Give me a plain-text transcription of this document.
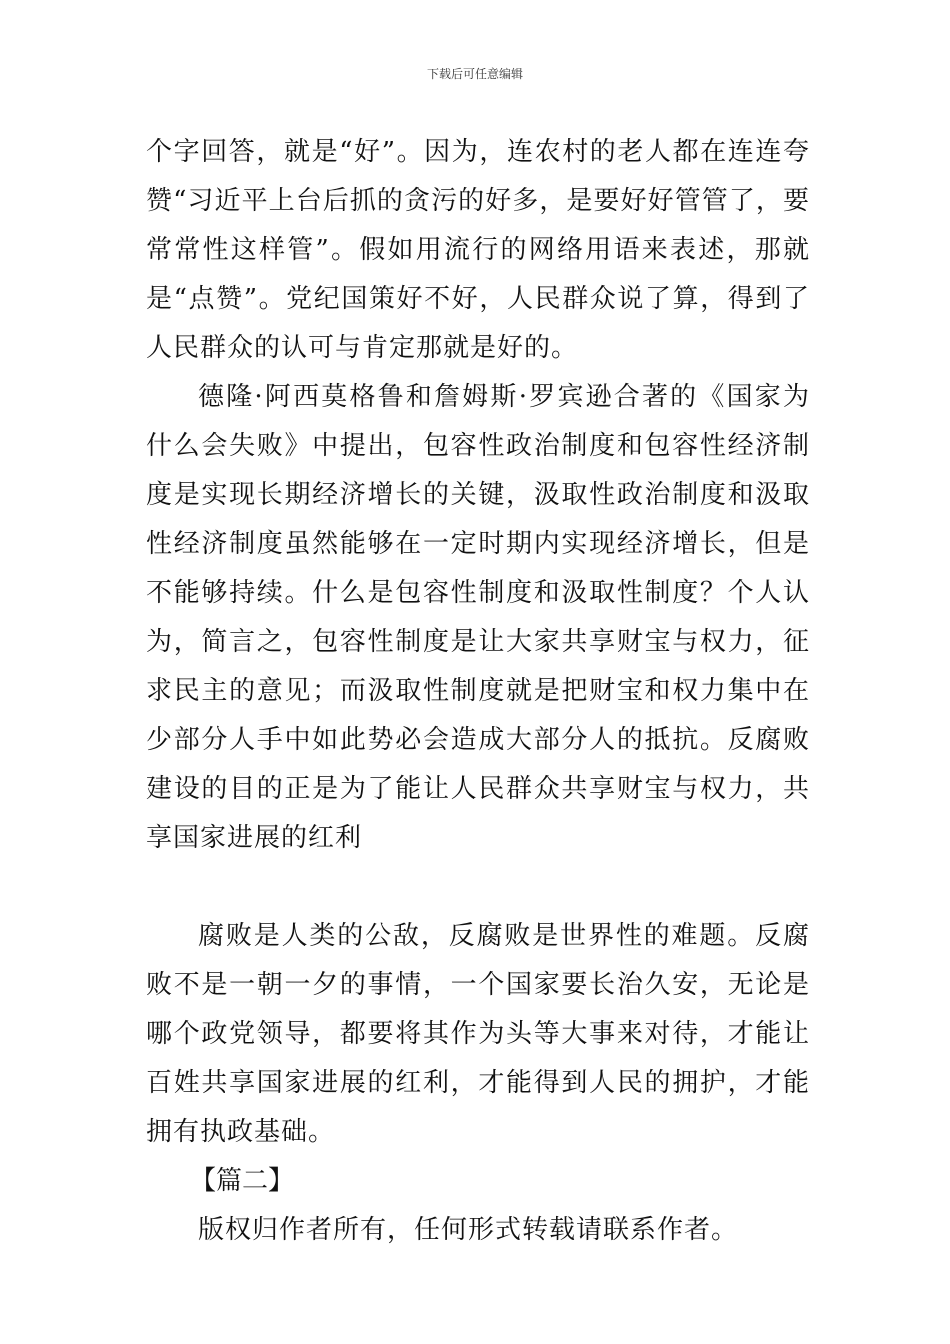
下载后可任意编辑

个字回答，就是“好”。因为，连农村的老人都在连连夸赞“习近平上台后抓的贪污的好多，是要好好管管了，要常常性这样管”。假如用流行的网络用语来表述，那就是“点赞”。党纪国策好不好，人民群众说了算，得到了人民群众的认可与肯定那就是好的。

德隆·阿西莫格鲁和詹姆斯·罗宾逊合著的《国家为什么会失败》中提出，包容性政治制度和包容性经济制度是实现长期经济增长的关键，汲取性政治制度和汲取性经济制度虽然能够在一定时期内实现经济增长，但是不能够持续。什么是包容性制度和汲取性制度？个人认为，简言之，包容性制度是让大家共享财宝与权力，征求民主的意见；而汲取性制度就是把财宝和权力集中在少部分人手中如此势必会造成大部分人的抵抗。反腐败建设的目的正是为了能让人民群众共享财宝与权力，共享国家进展的红利

腐败是人类的公敌，反腐败是世界性的难题。反腐败不是一朝一夕的事情，一个国家要长治久安，无论是哪个政党领导，都要将其作为头等大事来对待，才能让百姓共享国家进展的红利，才能得到人民的拥护，才能拥有执政基础。

【篇二】

版权归作者所有，任何形式转载请联系作者。
